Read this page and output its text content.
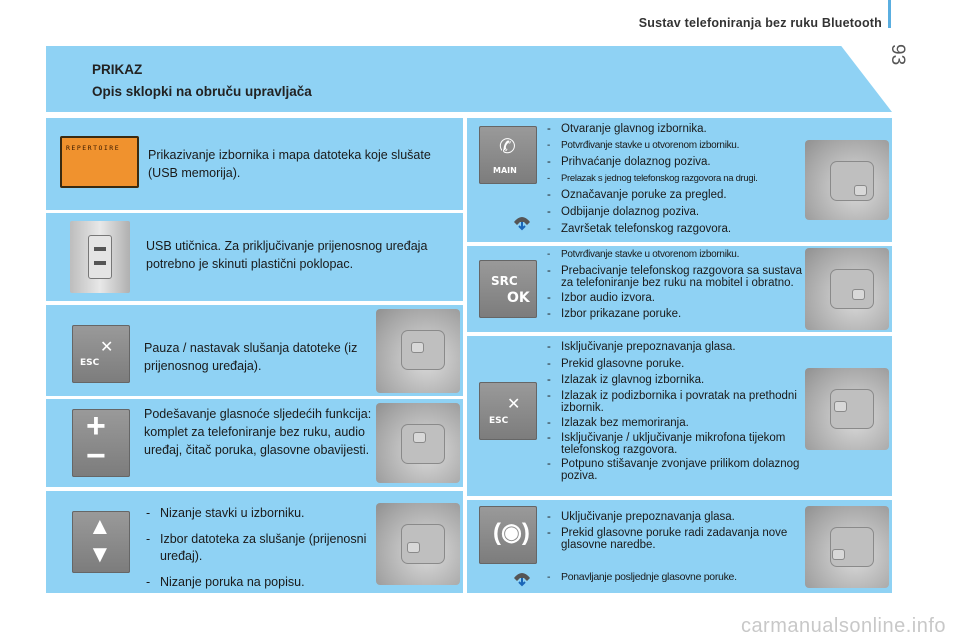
Sustav telefoniranja bez ruku Bluetooth
93
PRIKAZ
Opis sklopki na obruču upravljača
REPERTOIRE Prikazivanje izbornika i mapa datoteka koje slušate (USB memorija).
USB utičnica. Za priključivanje prijenosnog uređaja potrebno je skinuti plastični poklopac.
ESC
✕ Pauza / nastavak slušanja datoteke (iz prijenosnog uređaja).
+
−
Podešavanje glasnoće sljedećih funkcija: komplet za telefoniranje bez ruku, audio uređaj, čitač poruka, glasovne obavijesti.
▲
▼
- Nizanje stavki u izborniku.
- Izbor datoteka za slušanje (prijenosni uređaj).
- Nizanje poruka na popisu.
✆
MAIN
- Otvaranje glavnog izbornika.
- Potvrđivanje stavke u otvorenom izborniku.
- Prihvaćanje dolaznog poziva.
- Prelazak s jednog telefonskog razgovora na drugi.
- Označavanje poruke za pregled.
- Odbijanje dolaznog poziva.
- Završetak telefonskog razgovora.
SRC
OK
- Potvrđivanje stavke u otvorenom izborniku.
- Prebacivanje telefonskog razgovora sa sustava za telefoniranje bez ruku na mobitel i obratno.
- Izbor audio izvora.
- Izbor prikazane poruke.
✕
ESC
- Isključivanje prepoznavanja glasa.
- Prekid glasovne poruke.
- Izlazak iz glavnog izbornika.
- Izlazak iz podizbornika i povratak na prethodni izbornik.
- Izlazak bez memoriranja.
- Isključivanje / uključivanje mikrofona tijekom telefonskog razgovora.
- Potpuno stišavanje zvonjave prilikom dolaznog poziva.
(◉)
- Uključivanje prepoznavanja glasa.
- Prekid glasovne poruke radi zadavanja nove glasovne naredbe.
- Ponavljanje posljednje glasovne poruke.
carmanualsonline.info
